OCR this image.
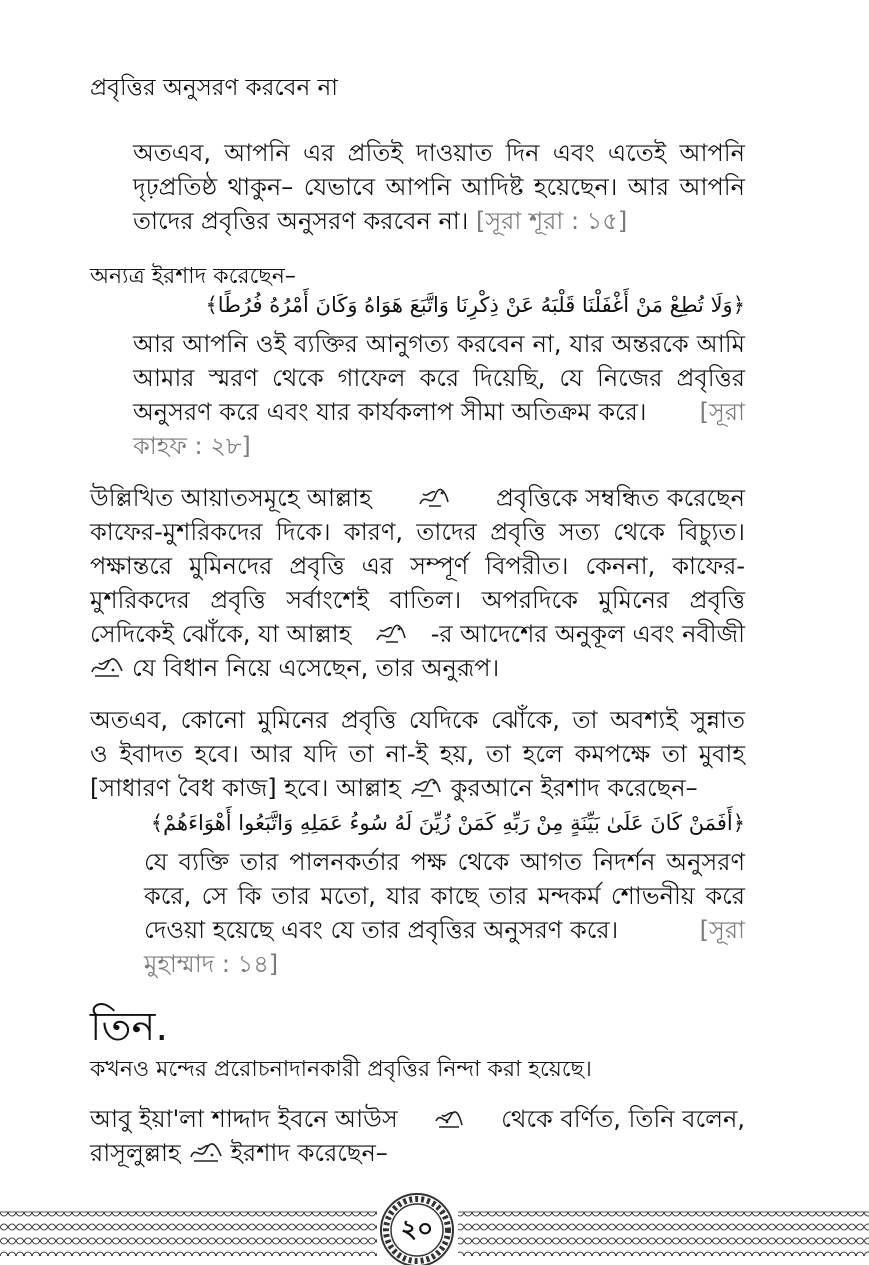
প্রবৃত্তির অনুসরণ করবেন না
অতএব, আপনি এর প্রতিই দাওয়াত দিন এবং এতেই আপনি
দৃঢ়প্রতিষ্ঠ থাকুন– যেভাবে আপনি আদিষ্ট হয়েছেন। আর আপনি
তাদের প্রবৃত্তির অনুসরণ করবেন না। [সূরা শূরা : ১৫]
অন্যত্র ইরশাদ করেছেন–
﴿وَلَا تُطِعْ مَنْ أَغْفَلْنَا قَلْبَهُ عَنْ ذِكْرِنَا وَاتَّبَعَ هَوَاهُ وَكَانَ أَمْرُهُ فُرُطًا﴾
আর আপনি ওই ব্যক্তির আনুগত্য করবেন না, যার অন্তরকে আমি
আমার স্মরণ থেকে গাফেল করে দিয়েছি, যে নিজের প্রবৃত্তির
অনুসরণ করে এবং যার কার্যকলাপ সীমা অতিক্রম করে। [সূরা
কাহফ : ২৮]
উল্লিখিত আয়াতসমূহে আল্লাহ	প্রবৃত্তিকে সম্বন্ধিত করেছেন
কাফের-মুশরিকদের দিকে। কারণ, তাদের প্রবৃত্তি সত্য থেকে বিচ্যুত।
পক্ষান্তরে মুমিনদের প্রবৃত্তি এর সম্পূর্ণ বিপরীত। কেননা, কাফের-
মুশরিকদের প্রবৃত্তি সর্বাংশেই বাতিল। অপরদিকে মুমিনের প্রবৃত্তি
সেদিকেই ঝোঁকে, যা আল্লাহ	-র আদেশের অনুকূল এবং নবীজী
যে বিধান নিয়ে এসেছেন, তার অনুরূপ।
অতএব, কোনো মুমিনের প্রবৃত্তি যেদিকে ঝোঁকে, তা অবশ্যই সুন্নাত
ও ইবাদত হবে। আর যদি তা না-ই হয়, তা হলে কমপক্ষে তা মুবাহ
[সাধারণ বৈধ কাজ] হবে। আল্লাহ কুরআনে ইরশাদ করেছেন–
﴿أَفَمَنْ كَانَ عَلَىٰ بَيِّنَةٍ مِنْ رَبِّهِ كَمَنْ زُيِّنَ لَهُ سُوءُ عَمَلِهِ وَاتَّبَعُوا أَهْوَاءَهُمْ﴾
যে ব্যক্তি তার পালনকর্তার পক্ষ থেকে আগত নিদর্শন অনুসরণ
করে, সে কি তার মতো, যার কাছে তার মন্দকর্ম শোভনীয় করে
দেওয়া হয়েছে এবং যে তার প্রবৃত্তির অনুসরণ করে।	[সূরা
মুহাম্মাদ : ১৪]
তিন.
কখনও মন্দের প্ররোচনাদানকারী প্রবৃত্তির নিন্দা করা হয়েছে।
আবু ইয়া'লা শাদ্দাদ ইবনে আউস	থেকে বর্ণিত, তিনি বলেন,
রাসূলুল্লাহ ইরশাদ করেছেন–
২০
